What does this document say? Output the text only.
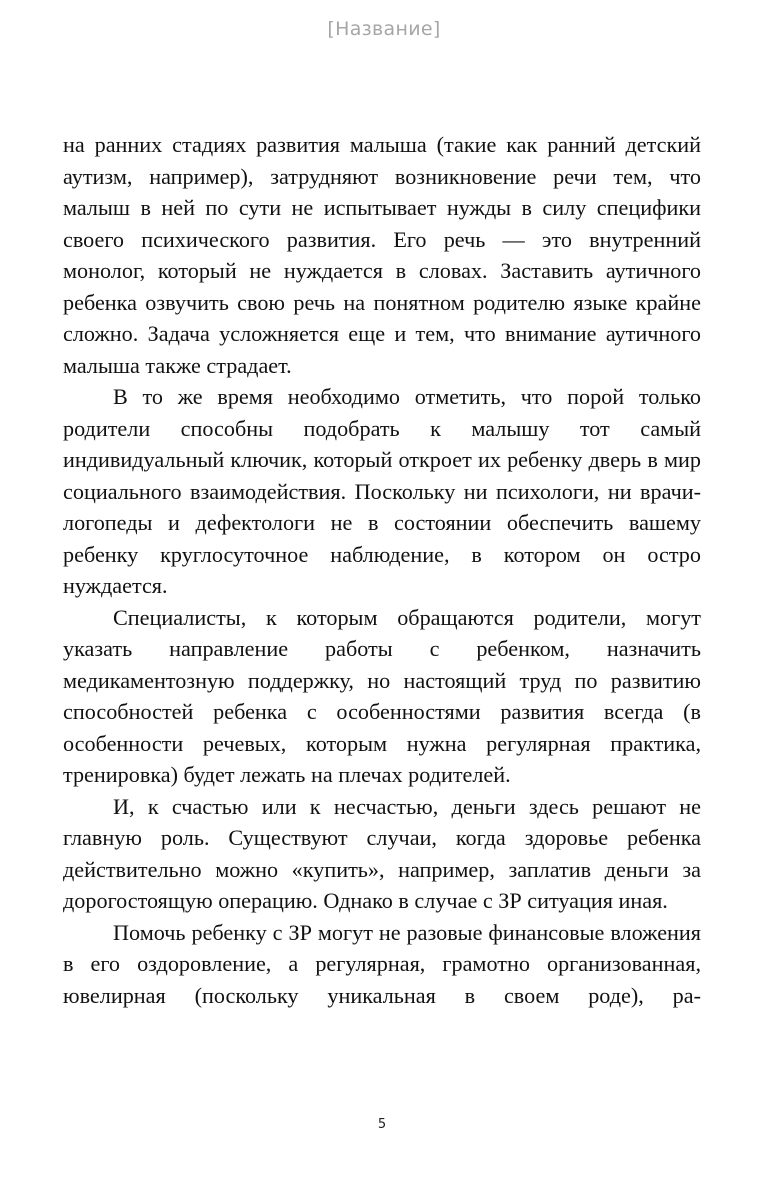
[Название]

на ранних стадиях развития малыша (такие как ранний детский аутизм, например), затрудняют возникновение речи тем, что малыш в ней по сути не испытывает нужды в силу специфики своего психического развития. Его речь — это внутренний монолог, который не нуждается в словах. Заставить аутичного ребенка озвучить свою речь на понятном родителю языке крайне сложно. Задача усложняется еще и тем, что внимание аутичного малыша также страдает.

В то же время необходимо отметить, что порой только родители способны подобрать к малышу тот самый индивидуальный ключик, который откроет их ребенку дверь в мир социального взаимодействия. Поскольку ни психологи, ни врачи-логопеды и дефектологи не в состоянии обеспечить вашему ребенку круглосуточное наблюдение, в котором он остро нуждается.

Специалисты, к которым обращаются родители, могут указать направление работы с ребенком, назначить медикаментозную поддержку, но настоящий труд по развитию способностей ребенка с особенностями развития всегда (в особенности речевых, которым нужна регулярная практика, тренировка) будет лежать на плечах родителей.

И, к счастью или к несчастью, деньги здесь решают не главную роль. Существуют случаи, когда здоровье ребенка действительно можно «купить», например, заплатив деньги за дорогостоящую операцию. Однако в случае с ЗР ситуация иная.

Помочь ребенку с ЗР могут не разовые финансовые вложения в его оздоровление, а регулярная, грамотно организованная, ювелирная (поскольку уникальная в своем роде), ра-

5
